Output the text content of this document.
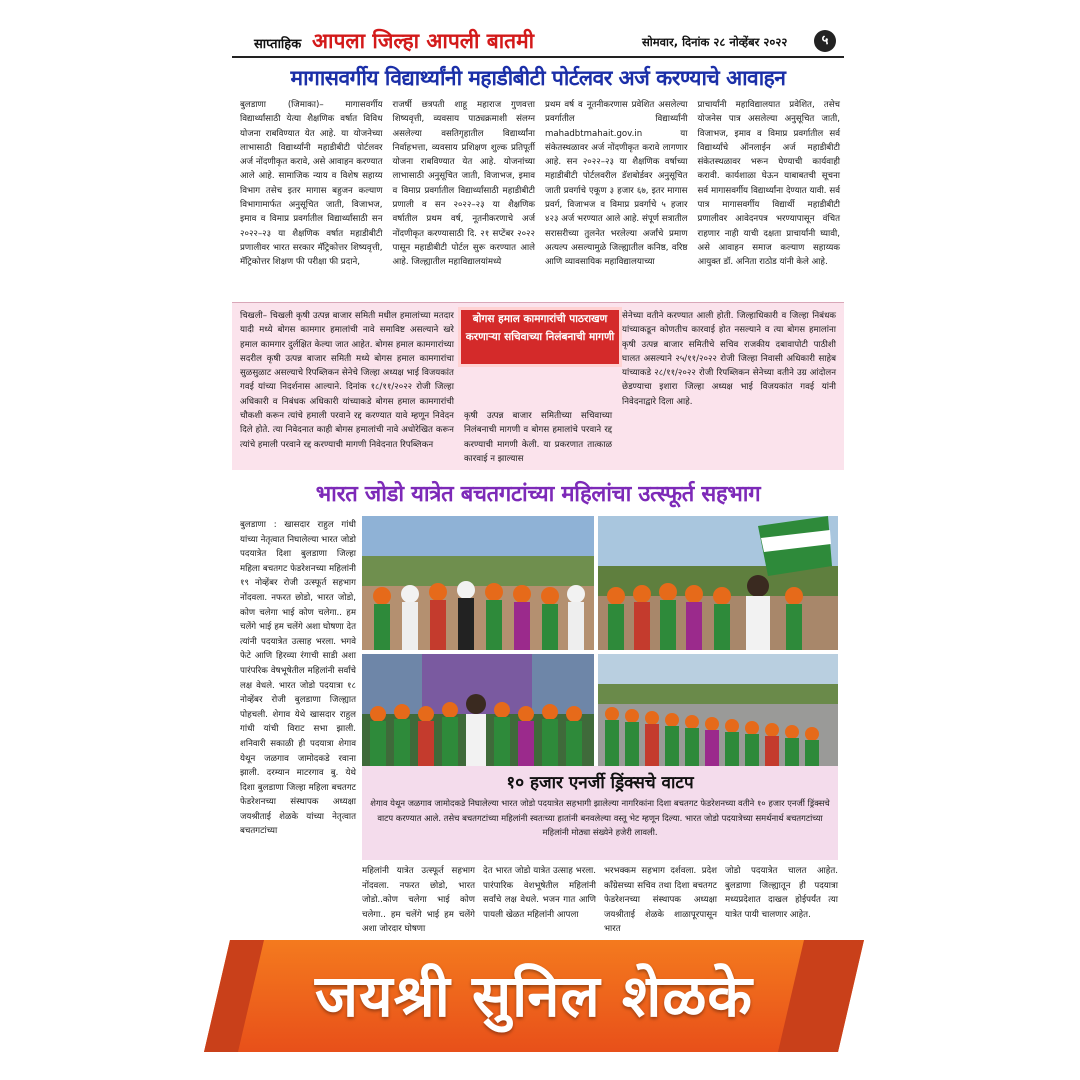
साप्ताहिक आपला जिल्हा आपली बातमी	सोमवार, दिनांक २८ नोव्हेंबर २०२२	५
मागासवर्गीय विद्यार्थ्यांनी महाडीबीटी पोर्टलवर अर्ज करण्याचे आवाहन
बुलडाणा (जिमाका)– मागासवर्गीय विद्यार्थ्यांसाठी येत्या शैक्षणिक वर्षात विविध योजना राबविण्यात येत आहे. या योजनेच्या लाभासाठी विद्यार्थ्यांनी महाडीबीटी पोर्टलवर अर्ज नोंदणीकृत करावे, असे आवाहन करण्यात आले आहे. सामाजिक न्याय व विशेष सहाय्य विभाग तसेच इतर मागास बहुजन कल्याण विभागामार्फत अनुसूचित जाती, विजाभज, इमाव व विमाप्र प्रवर्गातील विद्यार्थ्यांसाठी सन २०२२–२३ या शैक्षणिक वर्षात महाडीबीटी प्रणालीवर भारत सरकार मॅट्रिकोत्तर शिष्यवृत्ती, मॅट्रिकोत्तर शिक्षण फी परीक्षा फी प्रदाने,
राजर्षी छत्रपती शाहू महाराज गुणवत्ता शिष्यवृत्ती, व्यवसाय पाठ्यक्रमाशी संलग्न असलेल्या वसतिगृहातील विद्यार्थ्यांना निर्वाहभत्ता, व्यवसाय प्रशिक्षण शुल्क प्रतिपूर्ती योजना राबविण्यात येत आहे. योजनांच्या लाभासाठी अनुसूचित जाती, विजाभज, इमाव व विमाप्र प्रवर्गातील विद्यार्थ्यांसाठी महाडीबीटी प्रणाली व सन २०२२–२३ या शैक्षणिक वर्षातील प्रथम वर्ष, नूतनीकरणाचे अर्ज नोंदणीकृत करण्यासाठी दि. २१ सप्टेंबर २०२२ पासून महाडीबीटी पोर्टल सुरू करण्यात आले आहे. जिल्ह्यातील महाविद्यालयांमध्ये
प्रथम वर्ष व नूतनीकरणास प्रवेशित असलेल्या प्रवर्गातील विद्यार्थ्यांनी mahadbtmahait.gov.in या संकेतस्थळावर अर्ज नोंदणीकृत करावे लागणार आहे. सन २०२२–२३ या शैक्षणिक वर्षाच्या महाडीबीटी पोर्टलवरील डॅशबोर्डवर अनुसूचित जाती प्रवर्गाचे एकूण ३ हजार ६७, इतर मागास प्रवर्ग, विजाभज व विमाप्र प्रवर्गाचे ५ हजार ४२३ अर्ज भरण्यात आले आहे. संपूर्ण सत्रातील सरासरीच्या तुलनेत भरलेल्या अर्जांचे प्रमाण अत्यल्प असल्यामुळे जिल्ह्यातील कनिष्ठ, वरिष्ठ आणि व्यावसायिक महाविद्यालयाच्या
प्राचार्यांनी महाविद्यालयात प्रवेशित, तसेच योजनेस पात्र असलेल्या अनुसूचित जाती, विजाभज, इमाव व विमाप्र प्रवर्गातील सर्व विद्यार्थ्यांचे ऑनलाईन अर्ज महाडीबीटी संकेतस्थळावर भरून घेण्याची कार्यवाही करावी. कार्यशाळा घेऊन याबाबतची सूचना सर्व मागासवर्गीय विद्यार्थ्यांना देण्यात यावी. सर्व पात्र मागासवर्गीय विद्यार्थी महाडीबीटी प्रणालीवर आवेदनपत्र भरण्यापासून वंचित राहणार नाही याची दक्षता प्राचार्यांनी घ्यावी, असे आवाहन समाज कल्याण सहाय्यक आयुक्त डॉ. अनिता राठोड यांनी केले आहे.
चिखली– चिखली कृषी उत्पन्न बाजार समिती मधील हमालांच्या मतदार यादी मध्ये बोगस कामगार हमालांची नावे समाविष्ट असल्याने खरे हमाल कामगार दुर्लक्षित केल्या जात आहेत. बोगस हमाल कामगारांच्या सदरील कृषी उत्पन्न बाजार समिती मध्ये बोगस हमाल कामगारांचा सुळसुळाट असल्याचे रिपब्लिकन सेनेचे जिल्हा अध्यक्ष भाई विजयकांत गवई यांच्या निदर्शनास आल्याने. दिनांक १८/११/२०२२ रोजी जिल्हा अधिकारी व निबंधक अधिकारी यांच्याकडे बोगस हमाल कामगारांची चौकशी करून त्यांचे हमाली परवाने रद्द करण्यात यावे म्हणून निवेदन दिले होते. त्या निवेदनात काही बोगस हमालांची नावे अधोरेखित करून त्यांचे हमाली परवाने रद्द करण्याची मागणी निवेदनात रिपब्लिकन
कृषी उत्पन्न बाजार समितीच्या सचिवाच्या निलंबनाची मागणी व बोगस हमालांचे परवाने रद्द करण्याची मागणी केली. या प्रकरणात तात्काळ कारवाई न झाल्यास
सेनेच्या वतीने करण्यात आली होती. जिल्हाधिकारी व जिल्हा निबंधक यांच्याकडून कोणतीच कारवाई होत नसल्याने व त्या बोगस हमालांना कृषी उत्पन्न बाजार समितीचे सचिव राजकीय दबावापोटी पाठीशी घालत असल्याने २५/११/२०२२ रोजी जिल्हा निवासी अधिकारी साहेब यांच्याकडे २८/११/२०२२ रोजी रिपब्लिकन सेनेच्या वतीने उग्र आंदोलन छेडण्याचा इशारा जिल्हा अध्यक्ष भाई विजयकांत गवई यांनी निवेदनाद्वारे दिला आहे.
बोगस हमाल कामगारांची पाठराखण करणाऱ्या सचिवाच्या निलंबनाची मागणी
भारत जोडो यात्रेत बचतगटांच्या महिलांचा उत्स्फूर्त सहभाग
बुलडाणा : खासदार राहुल गांधी यांच्या नेतृत्वात निघालेल्या भारत जोडो पदयात्रेत दिशा बुलडाणा जिल्हा महिला बचतगट फेडरेशनच्या महिलांनी १९ नोव्हेंबर रोजी उत्स्फूर्त सहभाग नोंदवला. नफरत छोडो, भारत जोडो, कोण चलेगा भाई कोण चलेगा.. हम चलेंगे भाई हम चलेंगे अशा घोषणा देत त्यांनी पदयात्रेत उत्साह भरला. भगवे फेटे आणि हिरव्या रंगाची साडी अशा पारंपरिक वेषभूषेतील महिलांनी सर्वांचे लक्ष वेधले. भारत जोडो पदयात्रा १८ नोव्हेंबर रोजी बुलडाणा जिल्ह्यात पोहचली. शेगाव येथे खासदार राहुल गांधी यांची विराट सभा झाली. शनिवारी सकाळी ही पदयात्रा शेगाव येथून जळगाव जामोदकडे रवाना झाली. दरम्यान माटरगाव बु. येथे दिशा बुलडाणा जिल्हा महिला बचतगट फेडरेशनच्या संस्थापक अध्यक्षा जयश्रीताई शेळके यांच्या नेतृत्वात बचतगटांच्या
१० हजार एनर्जी ड्रिंक्सचे वाटप
शेगाव येथून जळगाव जामोदकडे निघालेल्या भारत जोडो पदयात्रेत सहभागी झालेल्या नागरिकांना दिशा बचतगट फेडरेशनच्या वतीने १० हजार एनर्जी ड्रिंक्सचे वाटप करण्यात आले. तसेच बचतगटांच्या महिलांनी स्वतःच्या हातांनी बनवलेल्या वस्तू भेट म्हणून दिल्या. भारत जोडो पदयात्रेच्या समर्थनार्थ बचतगटांच्या महिलांनी मोठ्या संख्येने हजेरी लावली.
महिलांनी यात्रेत उत्स्फूर्त सहभाग नोंदवला. नफरत छोडो, भारत जोडो..कोण चलेगा भाई कोण चलेगा.. हम चलेंगे भाई हम चलेंगे अशा जोरदार घोषणा
देत भारत जोडो यात्रेत उत्साह भरला. पारंपारिक वेशभूषेतील महिलांनी सर्वांचे लक्ष वेधले. भजन गात आणि पायली खेळत महिलांनी आपला
भरभक्कम सहभाग दर्शवला. प्रदेश काँग्रेसच्या सचिव तथा दिशा बचतगट फेडरेशनच्या संस्थापक अध्यक्षा जयश्रीताई शेळके शाळापूरपासून भारत
जोडो पदयात्रेत चालत आहेत. बुलडाणा जिल्ह्यातून ही पदयात्रा मध्यप्रदेशात दाखल होईपर्यंत त्या यात्रेत पायी चालणार आहेत.
जयश्री सुनिल शेळके
